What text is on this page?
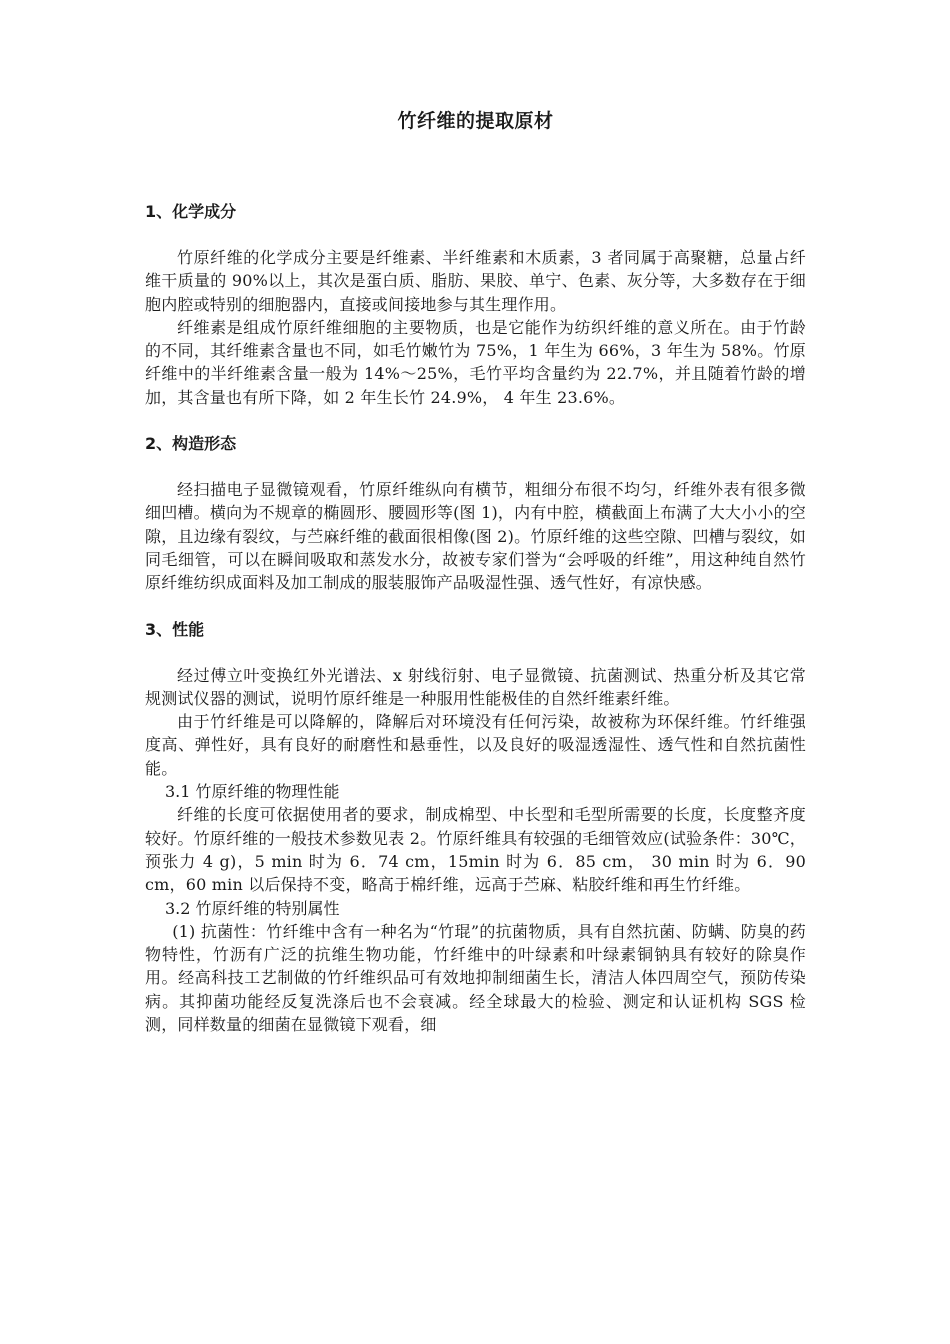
竹纤维的提取原材
1、化学成分

竹原纤维的化学成分主要是纤维素、半纤维素和木质素，3 者同属于高聚糖，总量占纤维干质量的 90%以上，其次是蛋白质、脂肪、果胶、单宁、色素、灰分等，大多数存在于细胞内腔或特别的细胞器内，直接或间接地参与其生理作用。

纤维素是组成竹原纤维细胞的主要物质，也是它能作为纺织纤维的意义所在。由于竹龄的不同，其纤维素含量也不同，如毛竹嫩竹为 75%，1 年生为 66%，3 年生为 58%。竹原纤维中的半纤维素含量一般为 14%～25%，毛竹平均含量约为 22.7%，并且随着竹龄的增加，其含量也有所下降，如 2 年生长竹 24.9%， 4 年生 23.6%。

2、构造形态

经扫描电子显微镜观看，竹原纤维纵向有横节，粗细分布很不均匀，纤维外表有很多微细凹槽。横向为不规章的椭圆形、腰圆形等(图 1)，内有中腔，横截面上布满了大大小小的空隙，且边缘有裂纹，与苎麻纤维的截面很相像(图 2)。竹原纤维的这些空隙、凹槽与裂纹，如同毛细管，可以在瞬间吸取和蒸发水分，故被专家们誉为“会呼吸的纤维”，用这种纯自然竹原纤维纺织成面料及加工制成的服装服饰产品吸湿性强、透气性好，有凉快感。

3、性能

经过傅立叶变换红外光谱法、x 射线衍射、电子显微镜、抗菌测试、热重分析及其它常规测试仪器的测试，说明竹原纤维是一种服用性能极佳的自然纤维素纤维。

由于竹纤维是可以降解的，降解后对环境没有任何污染，故被称为环保纤维。竹纤维强度高、弹性好，具有良好的耐磨性和悬垂性，以及良好的吸湿透湿性、透气性和自然抗菌性能。

3.1 竹原纤维的物理性能

纤维的长度可依据使用者的要求，制成棉型、中长型和毛型所需要的长度，长度整齐度较好。竹原纤维的一般技术参数见表 2。竹原纤维具有较强的毛细管效应(试验条件：30℃，预张力 4 g)，5 min 时为 6．74 cm，15min 时为 6．85 cm， 30 min 时为 6．90 cm，60 min 以后保持不变，略高于棉纤维，远高于苎麻、粘胶纤维和再生竹纤维。

3.2 竹原纤维的特别属性

(1) 抗菌性：竹纤维中含有一种名为“竹琨”的抗菌物质，具有自然抗菌、防螨、防臭的药物特性，竹沥有广泛的抗维生物功能，竹纤维中的叶绿素和叶绿素铜钠具有较好的除臭作用。经高科技工艺制做的竹纤维织品可有效地抑制细菌生长，清洁人体四周空气，预防传染病。其抑菌功能经反复洗涤后也不会衰减。经全球最大的检验、测定和认证机构 SGS 检测，同样数量的细菌在显微镜下观看，细
